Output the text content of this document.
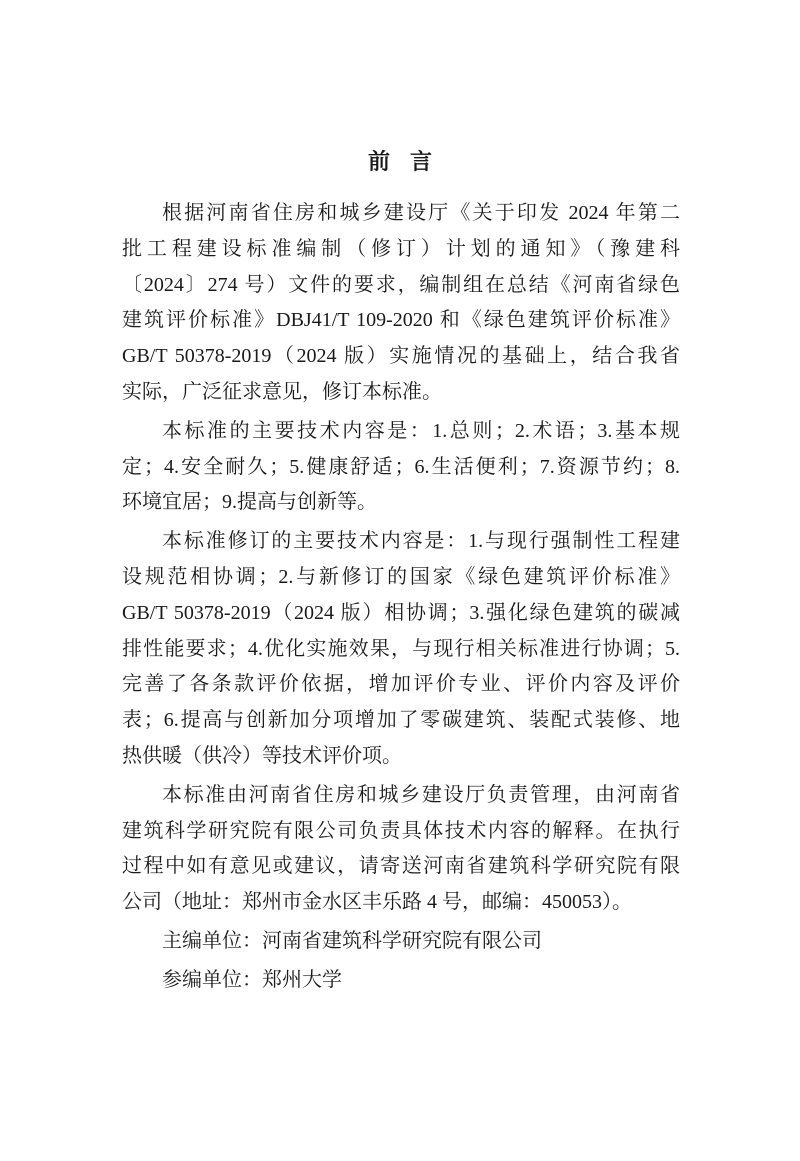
前言
根据河南省住房和城乡建设厅《关于印发 2024 年第二
批工程建设标准编制（修订）计划的通知》（豫建科
〔2024〕274 号）文件的要求，编制组在总结《河南省绿色
建筑评价标准》DBJ41/T 109-2020 和《绿色建筑评价标准》
GB/T 50378-2019（2024 版）实施情况的基础上，结合我省
实际，广泛征求意见，修订本标准。
本标准的主要技术内容是：1.总则；2.术语；3.基本规
定；4.安全耐久；5.健康舒适；6.生活便利；7.资源节约；8.
环境宜居；9.提高与创新等。
本标准修订的主要技术内容是：1.与现行强制性工程建
设规范相协调；2.与新修订的国家《绿色建筑评价标准》
GB/T 50378-2019（2024 版）相协调；3.强化绿色建筑的碳减
排性能要求；4.优化实施效果，与现行相关标准进行协调；5.
完善了各条款评价依据，增加评价专业、评价内容及评价
表；6.提高与创新加分项增加了零碳建筑、装配式装修、地
热供暖（供冷）等技术评价项。
本标准由河南省住房和城乡建设厅负责管理，由河南省
建筑科学研究院有限公司负责具体技术内容的解释。在执行
过程中如有意见或建议，请寄送河南省建筑科学研究院有限
公司（地址：郑州市金水区丰乐路 4 号，邮编：450053）。
主编单位：河南省建筑科学研究院有限公司
参编单位：郑州大学
